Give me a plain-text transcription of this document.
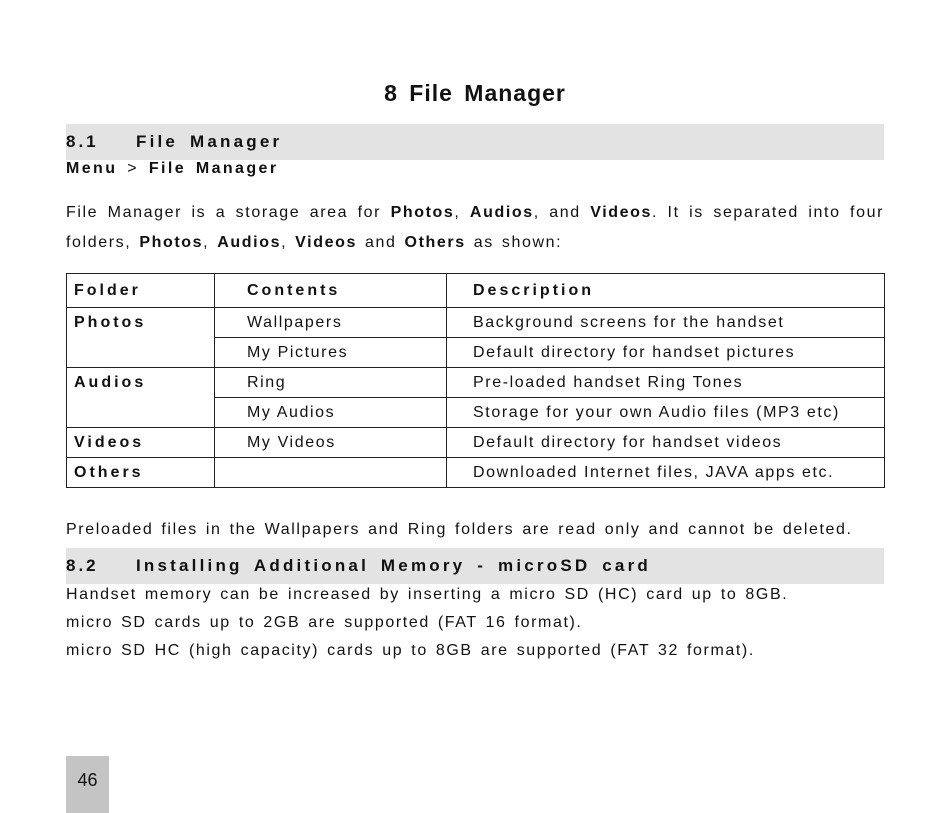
8 File Manager
8.1	File Manager
Menu > File Manager
File Manager is a storage area for Photos, Audios, and Videos. It is separated into four folders, Photos, Audios, Videos and Others as shown:
Folder	Contents	Description
Photos	Wallpapers	Background screens for the handset
	My Pictures	Default directory for handset pictures
Audios	Ring	Pre-loaded handset Ring Tones
	My Audios	Storage for your own Audio files (MP3 etc)
Videos	My Videos	Default directory for handset videos
Others		Downloaded Internet files, JAVA apps etc.
Preloaded files in the Wallpapers and Ring folders are read only and cannot be deleted.
8.2	Installing Additional Memory - microSD card
Handset memory can be increased by inserting a micro SD (HC) card up to 8GB.
micro SD cards up to 2GB are supported (FAT 16 format).
micro SD HC (high capacity) cards up to 8GB are supported (FAT 32 format).
46
